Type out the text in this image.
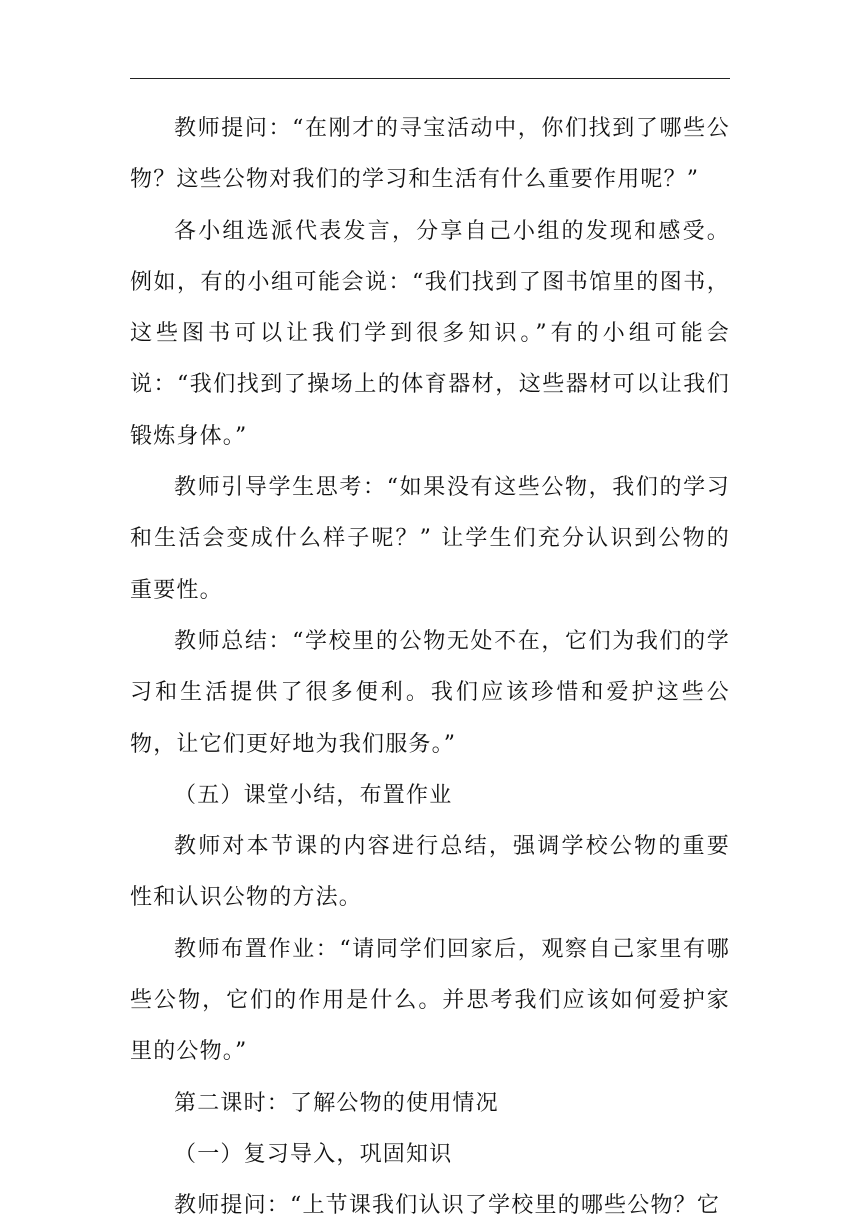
教师提问：“在刚才的寻宝活动中，你们找到了哪些公物？这些公物对我们的学习和生活有什么重要作用呢？”

各小组选派代表发言，分享自己小组的发现和感受。例如，有的小组可能会说：“我们找到了图书馆里的图书，这些图书可以让我们学到很多知识。”有的小组可能会说：“我们找到了操场上的体育器材，这些器材可以让我们锻炼身体。”

教师引导学生思考：“如果没有这些公物，我们的学习和生活会变成什么样子呢？” 让学生们充分认识到公物的重要性。

教师总结：“学校里的公物无处不在，它们为我们的学习和生活提供了很多便利。我们应该珍惜和爱护这些公物，让它们更好地为我们服务。”

（五）课堂小结，布置作业

教师对本节课的内容进行总结，强调学校公物的重要性和认识公物的方法。

教师布置作业：“请同学们回家后，观察自己家里有哪些公物，它们的作用是什么。并思考我们应该如何爱护家里的公物。”

第二课时：了解公物的使用情况

（一）复习导入，巩固知识

教师提问：“上节课我们认识了学校里的哪些公物？它
